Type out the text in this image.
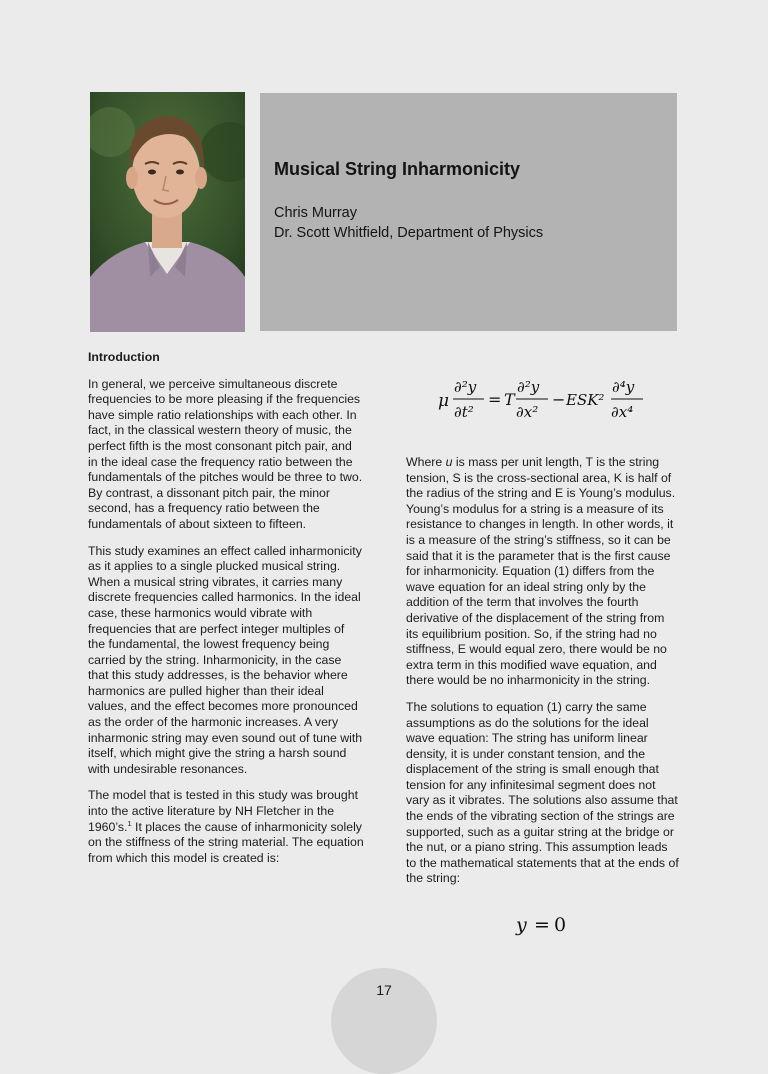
Musical String Inharmonicity
Chris Murray
Dr. Scott Whitfield, Department of Physics
Introduction

In general, we perceive simultaneous discrete frequencies to be more pleasing if the frequencies have simple ratio relationships with each other. In fact, in the classical western theory of music, the perfect fifth is the most consonant pitch pair, and in the ideal case the frequency ratio between the fundamentals of the pitches would be three to two. By contrast, a dissonant pitch pair, the minor second, has a frequency ratio between the fundamentals of about sixteen to fifteen.

This study examines an effect called inharmonicity as it applies to a single plucked musical string. When a musical string vibrates, it carries many discrete frequencies called harmonics. In the ideal case, these harmonics would vibrate with frequencies that are perfect integer multiples of the fundamental, the lowest frequency being carried by the string. Inharmonicity, in the case that this study addresses, is the behavior where harmonics are pulled higher than their ideal values, and the effect becomes more pronounced as the order of the harmonic increases. A very inharmonic string may even sound out of tune with itself, which might give the string a harsh sound with undesirable resonances.

The model that is tested in this study was brought into the active literature by NH Fletcher in the 1960’s.$^1$ It places the cause of inharmonicity solely on the stiffness of the string material. The equation from which this model is created is:

μ
∂²y
∂t²
= T
∂²y
∂x²
− ESK²
∂⁴y
∂x⁴

Where u is mass per unit length, T is the string tension, S is the cross-sectional area, K is half of the radius of the string and E is Young’s modulus. Young’s modulus for a string is a measure of its resistance to changes in length. In other words, it is a measure of the string’s stiffness, so it can be said that it is the parameter that is the first cause for inharmonicity. Equation (1) differs from the wave equation for an ideal string only by the addition of the term that involves the fourth derivative of the displacement of the string from its equilibrium position. So, if the string had no stiffness, E would equal zero, there would be no extra term in this modified wave equation, and there would be no inharmonicity in the string.

The solutions to equation (1) carry the same assumptions as do the solutions for the ideal wave equation: The string has uniform linear density, it is under constant tension, and the displacement of the string is small enough that tension for any infinitesimal segment does not vary as it vibrates. The solutions also assume that the ends of the vibrating section of the strings are supported, such as a guitar string at the bridge or the nut, or a piano string. This assumption leads to the mathematical statements that at the ends of the string:

y = 0
17
